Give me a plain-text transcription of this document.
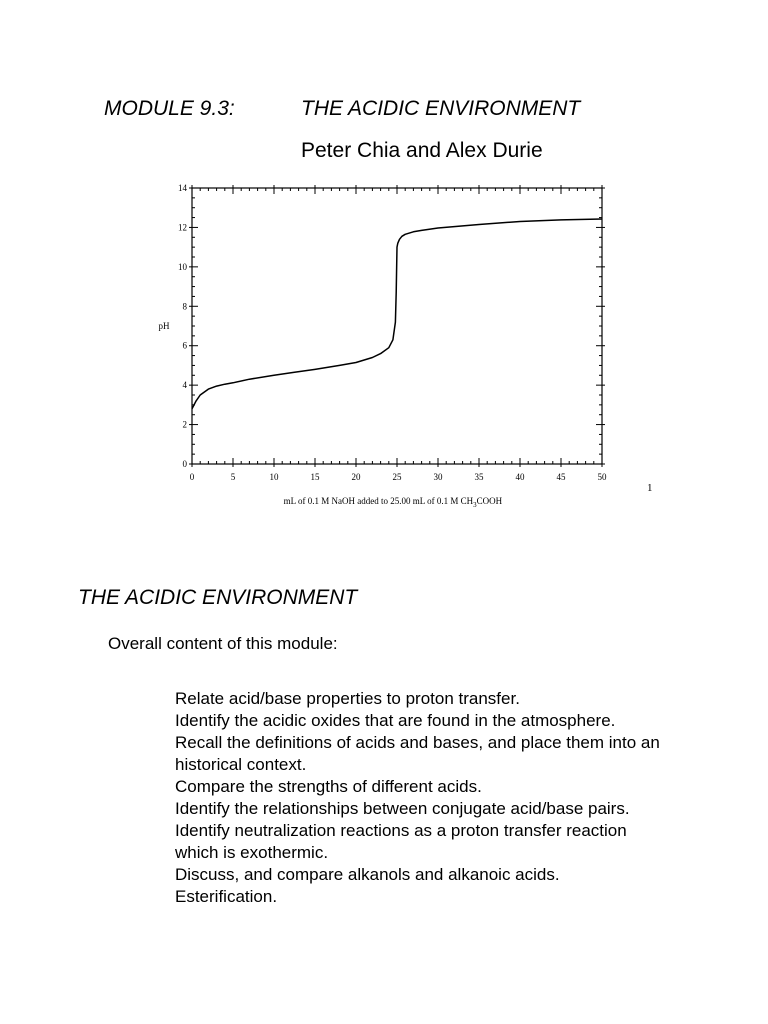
MODULE 9.3:	THE ACIDIC ENVIRONMENT
Peter Chia and Alex Durie
0	5	10	15	20	25	30	35	40	45	50
0
2
4
6
8
10
12
14
pH
mL of 0.1 M NaOH added to 25.00 mL of 0.1 M $CH_3COOH$
1
THE ACIDIC ENVIRONMENT
Overall content of this module:
Relate acid/base properties to proton transfer.
Identify the acidic oxides that are found in the atmosphere.
Recall the definitions of acids and bases, and place them into an historical context.
Compare the strengths of different acids.
Identify the relationships between conjugate acid/base pairs.
Identify neutralization reactions as a proton transfer reaction which is exothermic.
Discuss, and compare alkanols and alkanoic acids.
Esterification.
